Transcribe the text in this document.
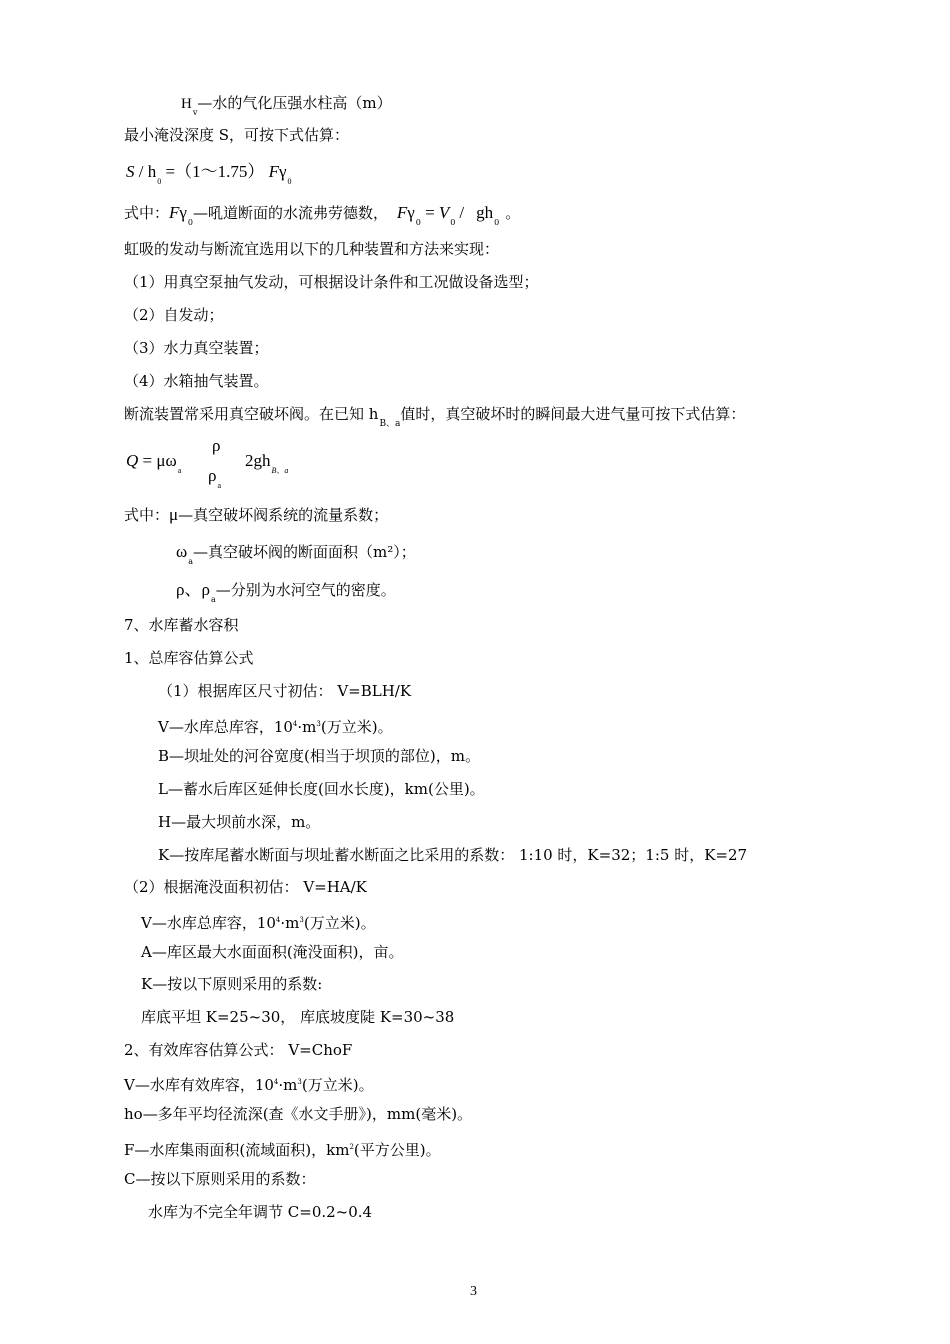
$H_v—$水的气化压强水柱高（m）
最小淹没深度 S，可按下式估算：
S / $h_0$ =（1～1.75） $F\gamma_0$
式中：$F\gamma_0—$吼道断面的水流弗劳德数， $F\gamma_0 = V_0/$ $gh_0$。
虹吸的发动与断流宜选用以下的几种装置和方法来实现：
（1）用真空泵抽气发动，可根据设计条件和工况做设备选型；
（2）自发动；
（3）水力真空装置；
（4）水箱抽气装置。
断流装置常采用真空破坏阀。在已知 $h_{B、a}$值时，真空破坏时的瞬间最大进气量可按下式估算：
$Q = \mu\omega_a$
ρ
$\rho_a$
$2gh_{B、a}$
式中：μ—真空破坏阀系统的流量系数；
$\omega_a—$真空破坏阀的断面面积（m²）；
ρ、$\rho_a—$分别为水河空气的密度。
7、水库蓄水容积
1、总库容估算公式
（1）根据库区尺寸初估： V=BLH/K
V—水库总库容，$10^4\cdot m^3$(万立米)。
B—坝址处的河谷宽度(相当于坝顶的部位)，m。
L—蓄水后库区延伸长度(回水长度)，km(公里)。
H—最大坝前水深，m。
K—按库尾蓄水断面与坝址蓄水断面之比采用的系数： 1:10 时，K=32；1:5 时，K=27
（2）根据淹没面积初估： V=HA/K
V—水库总库容，$10^4\cdot m^3$(万立米)。
A—库区最大水面面积(淹没面积)，亩。
K—按以下原则采用的系数:
库底平坦 K=25~30， 库底坡度陡 K=30~38
2、有效库容估算公式： V=ChoF
V—水库有效库容，$10^4\cdot m^3$(万立米)。
ho—多年平均径流深(查《水文手册》)，mm(毫米)。
F—水库集雨面积(流域面积)，$km^2$(平方公里)。
C—按以下原则采用的系数：
水库为不完全年调节 C=0.2~0.4
3
